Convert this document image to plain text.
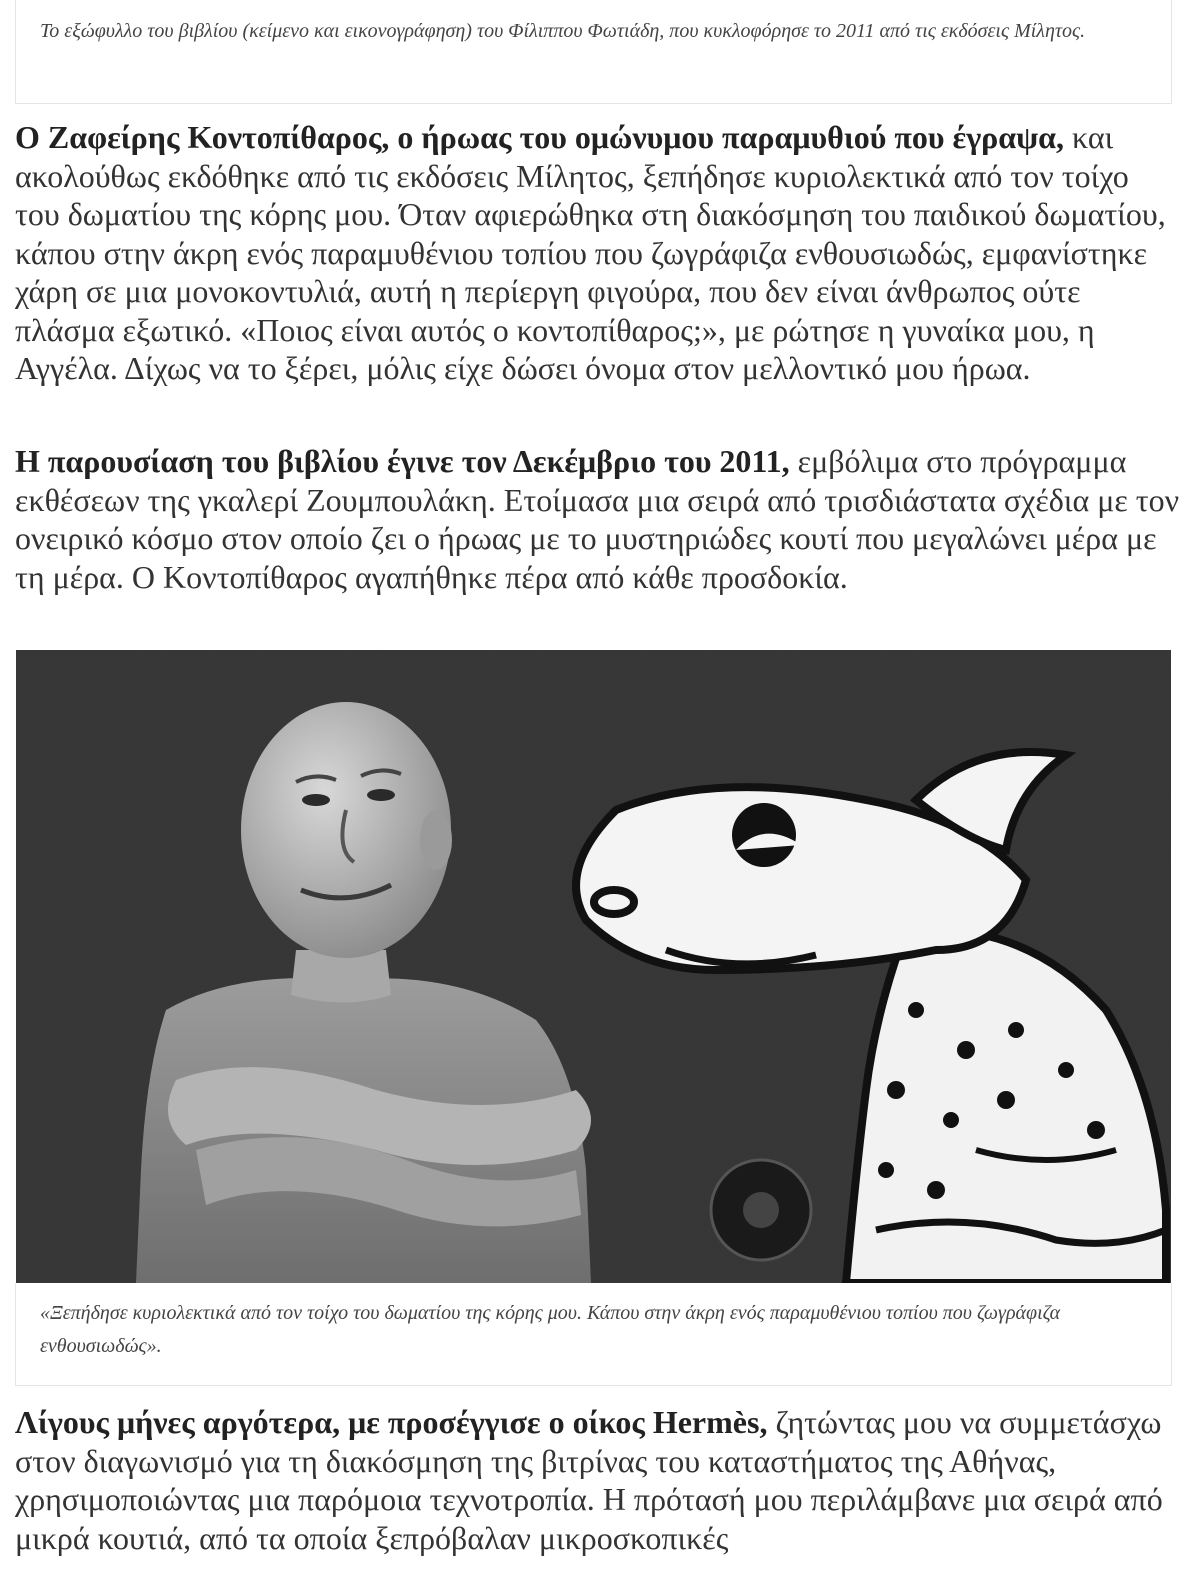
Το εξώφυλλο του βιβλίου (κείμενο και εικονογράφηση) του Φίλιππου Φωτιάδη, που κυκλοφόρησε το 2011 από τις εκδόσεις Μίλητος.

Ο Ζαφείρης Κοντοπίθαρος, ο ήρωας του ομώνυμου παραμυθιού που έγραψα, και ακολούθως εκδόθηκε από τις εκδόσεις Μίλητος, ξεπήδησε κυριολεκτικά από τον τοίχο του δωματίου της κόρης μου. Όταν αφιερώθηκα στη διακόσμηση του παιδικού δωματίου, κάπου στην άκρη ενός παραμυθένιου τοπίου που ζωγράφιζα ενθουσιωδώς, εμφανίστηκε χάρη σε μια μονοκοντυλιά, αυτή η περίεργη φιγούρα, που δεν είναι άνθρωπος ούτε πλάσμα εξωτικό. «Ποιος είναι αυτός ο κοντοπίθαρος;», με ρώτησε η γυναίκα μου, η Αγγέλα. Δίχως να το ξέρει, μόλις είχε δώσει όνομα στον μελλοντικό μου ήρωα.

Η παρουσίαση του βιβλίου έγινε τον Δεκέμβριο του 2011, εμβόλιμα στο πρόγραμμα εκθέσεων της γκαλερί Ζουμπουλάκη. Ετοίμασα μια σειρά από τρισδιάστατα σχέδια με τον ονειρικό κόσμο στον οποίο ζει ο ήρωας με το μυστηριώδες κουτί που μεγαλώνει μέρα με τη μέρα. Ο Κοντοπίθαρος αγαπήθηκε πέρα από κάθε προσδοκία.

«Ξεπήδησε κυριολεκτικά από τον τοίχο του δωματίου της κόρης μου. Κάπου στην άκρη ενός παραμυθένιου τοπίου που ζωγράφιζα ενθουσιωδώς».

Λίγους μήνες αργότερα, με προσέγγισε ο οίκος Hermès, ζητώντας μου να συμμετάσχω στον διαγωνισμό για τη διακόσμηση της βιτρίνας του καταστήματος της Αθήνας, χρησιμοποιώντας μια παρόμοια τεχνοτροπία. Η πρότασή μου περιλάμβανε μια σειρά από μικρά κουτιά, από τα οποία ξεπρόβαλαν μικροσκοπικές
